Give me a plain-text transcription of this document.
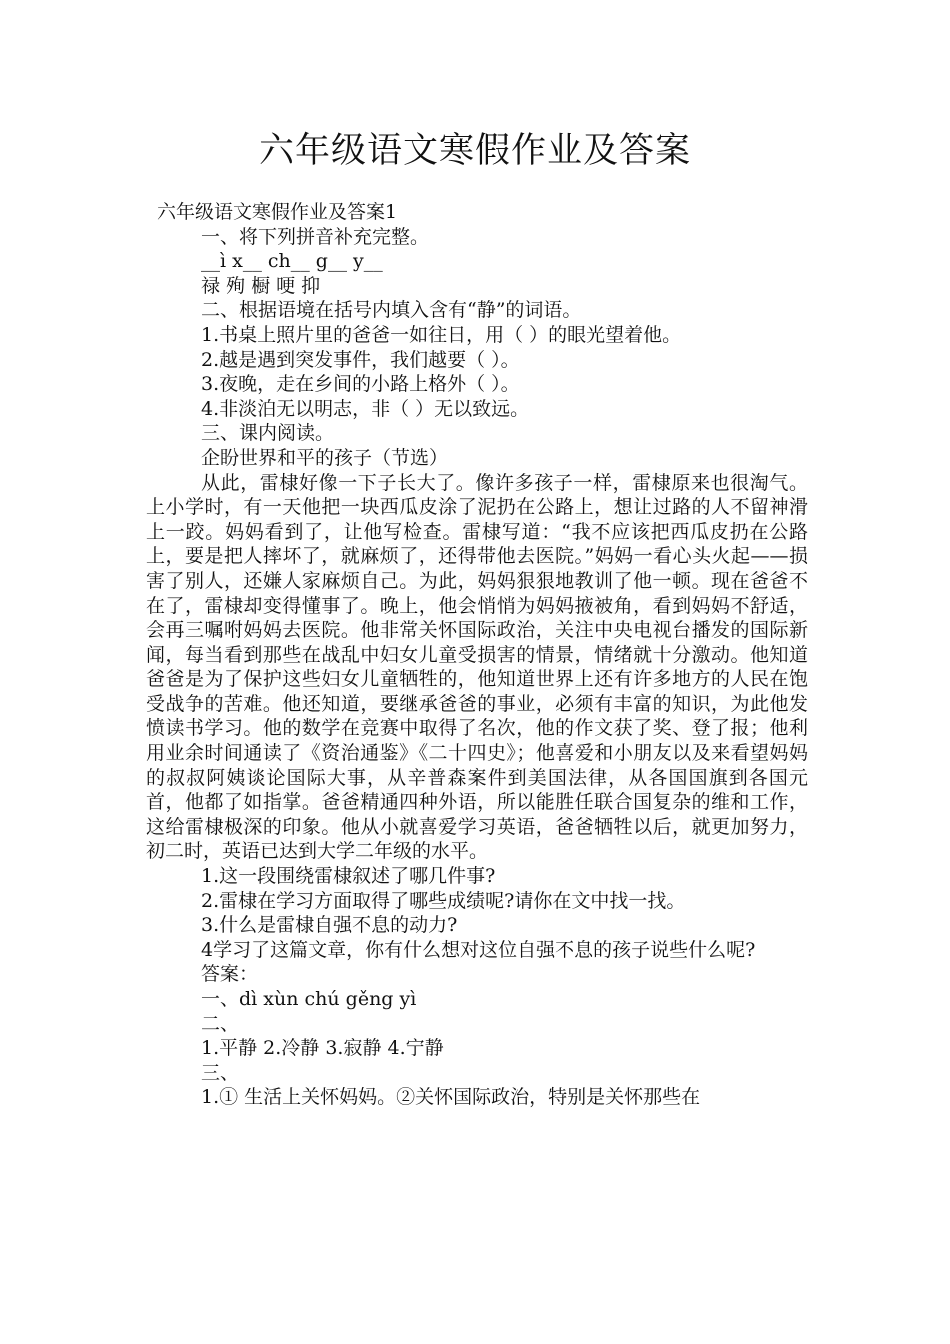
六年级语文寒假作业及答案
六年级语文寒假作业及答案1
一、将下列拼音补充完整。
__ì x__ ch__ g__ y__
禄 殉 橱 哽 抑
二、根据语境在括号内填入含有“静”的词语。
1.书桌上照片里的爸爸一如往日，用（ ）的眼光望着他。
2.越是遇到突发事件，我们越要（ ）。
3.夜晚，走在乡间的小路上格外（ ）。
4.非淡泊无以明志，非（ ）无以致远。
三、课内阅读。
企盼世界和平的孩子（节选）
从此，雷棣好像一下子长大了。像许多孩子一样，雷棣原来也很淘气。上小学时，有一天他把一块西瓜皮涂了泥扔在公路上，想让过路的人不留神滑上一跤。妈妈看到了，让他写检查。雷棣写道：“我不应该把西瓜皮扔在公路上，要是把人摔坏了，就麻烦了，还得带他去医院。”妈妈一看心头火起——损害了别人，还嫌人家麻烦自己。为此，妈妈狠狠地教训了他一顿。现在爸爸不在了，雷棣却变得懂事了。晚上，他会悄悄为妈妈掖被角，看到妈妈不舒适，会再三嘱咐妈妈去医院。他非常关怀国际政治，关注中央电视台播发的国际新闻，每当看到那些在战乱中妇女儿童受损害的情景，情绪就十分激动。他知道爸爸是为了保护这些妇女儿童牺牲的，他知道世界上还有许多地方的人民在饱受战争的苦难。他还知道，要继承爸爸的事业，必须有丰富的知识，为此他发愤读书学习。他的数学在竞赛中取得了名次，他的作文获了奖、登了报；他利用业余时间通读了《资治通鉴》《二十四史》；他喜爱和小朋友以及来看望妈妈的叔叔阿姨谈论国际大事，从辛普森案件到美国法律，从各国国旗到各国元首，他都了如指掌。爸爸精通四种外语，所以能胜任联合国复杂的维和工作，这给雷棣极深的印象。他从小就喜爱学习英语，爸爸牺牲以后，就更加努力，初二时，英语已达到大学二年级的水平。
1.这一段围绕雷棣叙述了哪几件事?
2.雷棣在学习方面取得了哪些成绩呢?请你在文中找一找。
3.什么是雷棣自强不息的动力?
4学习了这篇文章，你有什么想对这位自强不息的孩子说些什么呢?
答案：
一、dì xùn chú gěng yì
二、
1.平静 2.冷静 3.寂静 4.宁静
三、
1.① 生活上关怀妈妈。②关怀国际政治，特别是关怀那些在
